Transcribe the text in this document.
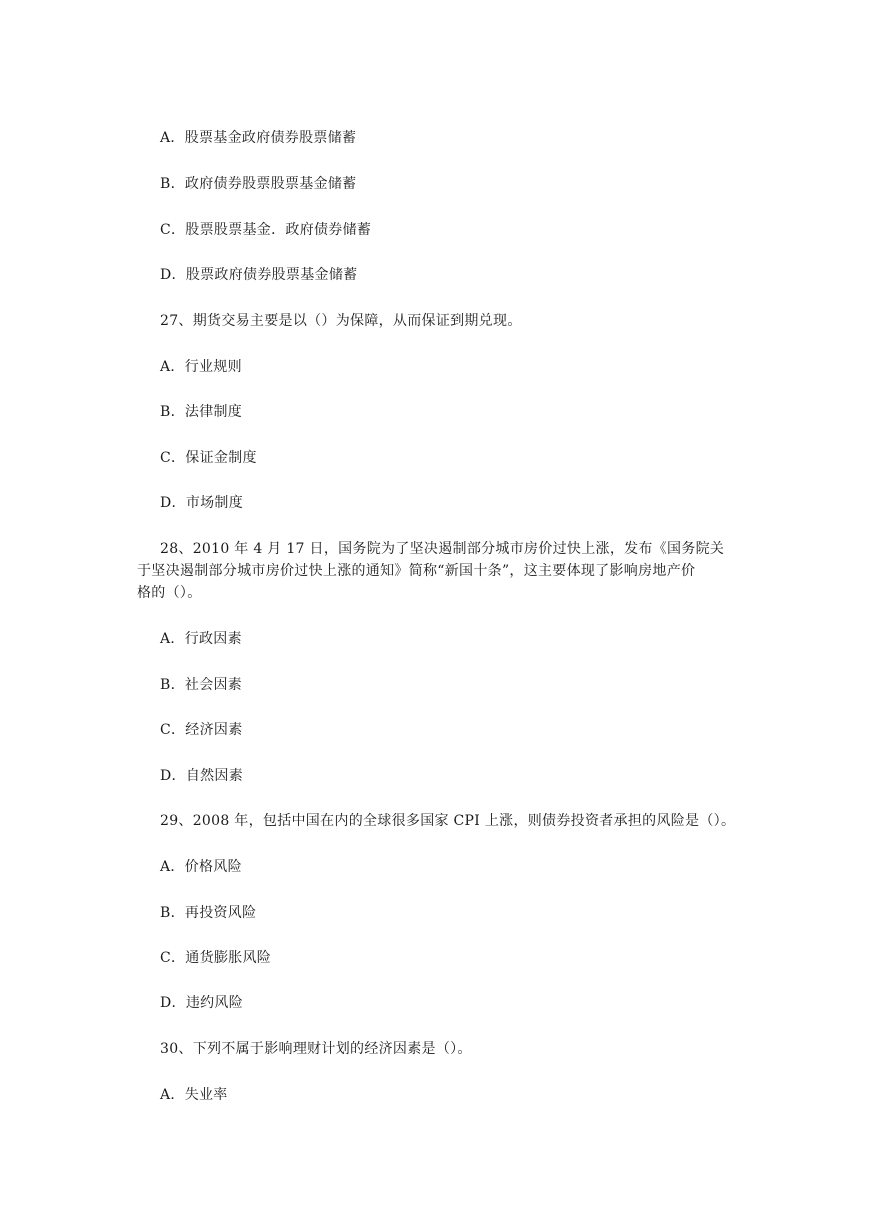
A．股票基金政府债券股票储蓄
B．政府债券股票股票基金储蓄
C．股票股票基金．政府债券储蓄
D．股票政府债券股票基金储蓄
27、期货交易主要是以（）为保障，从而保证到期兑现。
A．行业规则
B．法律制度
C．保证金制度
D．市场制度
28、2010 年 4 月 17 日，国务院为了坚决遏制部分城市房价过快上涨，发布《国务院关
于坚决遏制部分城市房价过快上涨的通知》简称“新国十条”，这主要体现了影响房地产价
格的（）。
A．行政因素
B．社会因素
C．经济因素
D．自然因素
29、2008 年，包括中国在内的全球很多国家 CPI 上涨，则债券投资者承担的风险是（）。
A．价格风险
B．再投资风险
C．通货膨胀风险
D．违约风险
30、下列不属于影响理财计划的经济因素是（）。
A．失业率
